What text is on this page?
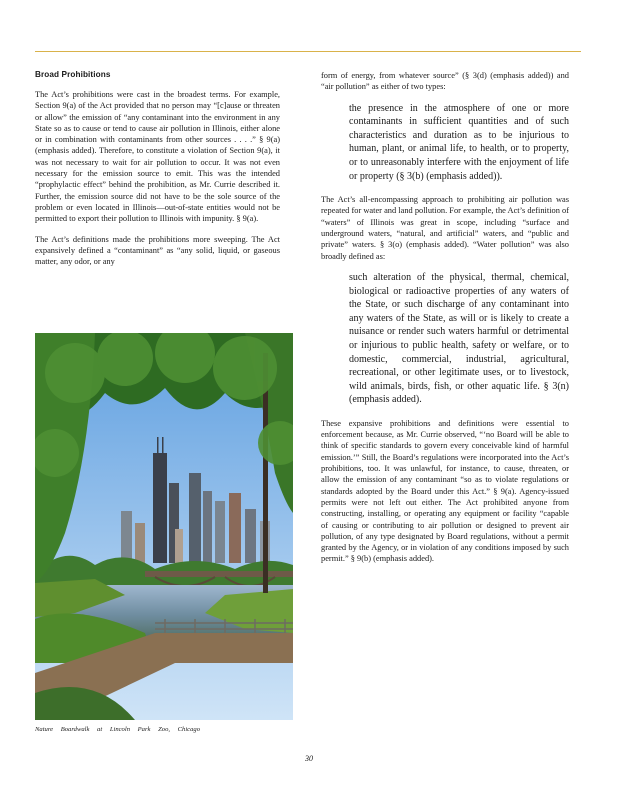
Broad Prohibitions

The Act’s prohibitions were cast in the broadest terms. For example, Section 9(a) of the Act provided that no person may “[c]ause or threaten or allow” the emission of “any contaminant into the environment in any State so as to cause or tend to cause air pollution in Illinois, either alone or in combination with contaminants from other sources . . . .” § 9(a) (emphasis added). Therefore, to constitute a violation of Section 9(a), it was not necessary to wait for air pollution to occur. It was not even necessary for the emission source to emit. This was the intended “prophylactic effect” behind the prohibition, as Mr. Currie described it. Further, the emission source did not have to be the sole source of the problem or even located in Illinois—out-of-state entities would not be permitted to export their pollution to Illinois with impunity. § 9(a).

The Act’s definitions made the prohibitions more sweeping. The Act expansively defined a “contaminant” as “any solid, liquid, or gaseous matter, any odor, or any

Nature Boardwalk at Lincoln Park Zoo, Chicago

form of energy, from whatever source” (§ 3(d) (emphasis added)) and “air pollution” as either of two types:

the presence in the atmosphere of one or more contaminants in sufficient quantities and of such characteristics and duration as to be injurious to human, plant, or animal life, to health, or to property, or to unreasonably interfere with the enjoyment of life or property (§ 3(b) (emphasis added)).

The Act’s all-encompassing approach to prohibiting air pollution was repeated for water and land pollution. For example, the Act’s definition of “waters” of Illinois was great in scope, including “surface and underground waters, “natural, and artificial” waters, and “public and private” waters. § 3(o) (emphasis added). “Water pollution” was also broadly defined as:

such alteration of the physical, thermal, chemical, biological or radioactive properties of any waters of the State, or such discharge of any contaminant into any waters of the State, as will or is likely to create a nuisance or render such waters harmful or detrimental or injurious to public health, safety or welfare, or to domestic, commercial, industrial, agricultural, recreational, or other legitimate uses, or to livestock, wild animals, birds, fish, or other aquatic life. § 3(n) (emphasis added).

These expansive prohibitions and definitions were essential to enforcement because, as Mr. Currie observed, “‘no Board will be able to think of specific standards to govern every conceivable kind of harmful emission.’” Still, the Board’s regulations were incorporated into the Act’s prohibitions, too. It was unlawful, for instance, to cause, threaten, or allow the emission of any contaminant “so as to violate regulations or standards adopted by the Board under this Act.” § 9(a). Agency-issued permits were not left out either. The Act prohibited anyone from constructing, installing, or operating any equipment or facility “capable of causing or contributing to air pollution or designed to prevent air pollution, of any type designated by Board regulations, without a permit granted by the Agency, or in violation of any conditions imposed by such permit.” § 9(b) (emphasis added).

30
